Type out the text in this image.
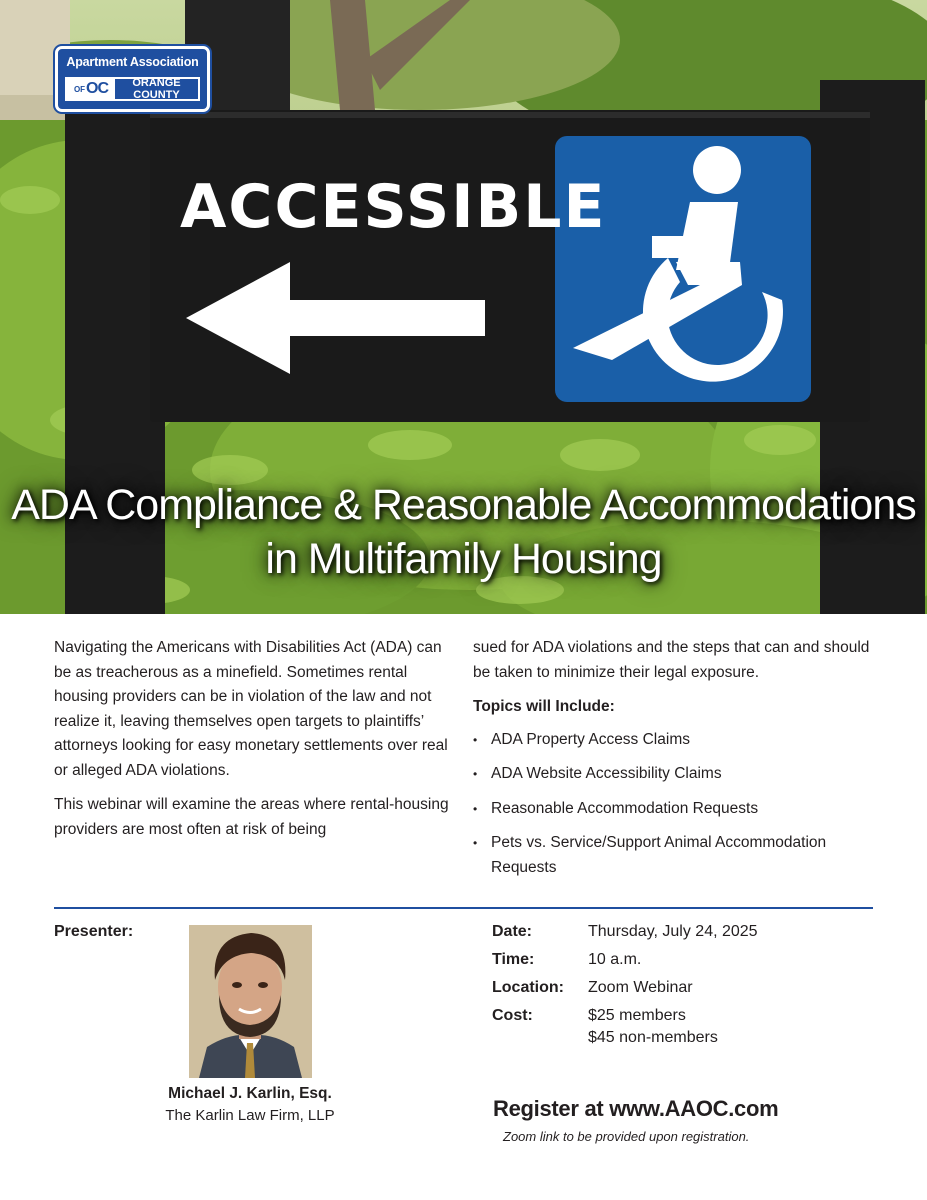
Apartment Association
OF OC	ORANGE COUNTY
ACCESSIBLE
ADA Compliance & Reasonable Accommodations
in Multifamily Housing

Navigating the Americans with Disabilities Act (ADA) can be as treacherous as a minefield. Sometimes rental housing providers can be in violation of the law and not realize it, leaving themselves open targets to plaintiffs’ attorneys looking for easy monetary settlements over real or alleged ADA violations.

This webinar will examine the areas where rental-housing providers are most often at risk of being

sued for ADA violations and the steps that can and should be taken to minimize their legal exposure.

Topics will Include:
• ADA Property Access Claims
• ADA Website Accessibility Claims
• Reasonable Accommodation Requests
• Pets vs. Service/Support Animal Accommodation Requests
Presenter:
Michael J. Karlin, Esq.
The Karlin Law Firm, LLP
Date:	Thursday, July 24, 2025
Time:	10 a.m.
Location:	Zoom Webinar
Cost:	$25 members
$45 non-members
Register at www.AAOC.com
Zoom link to be provided upon registration.
